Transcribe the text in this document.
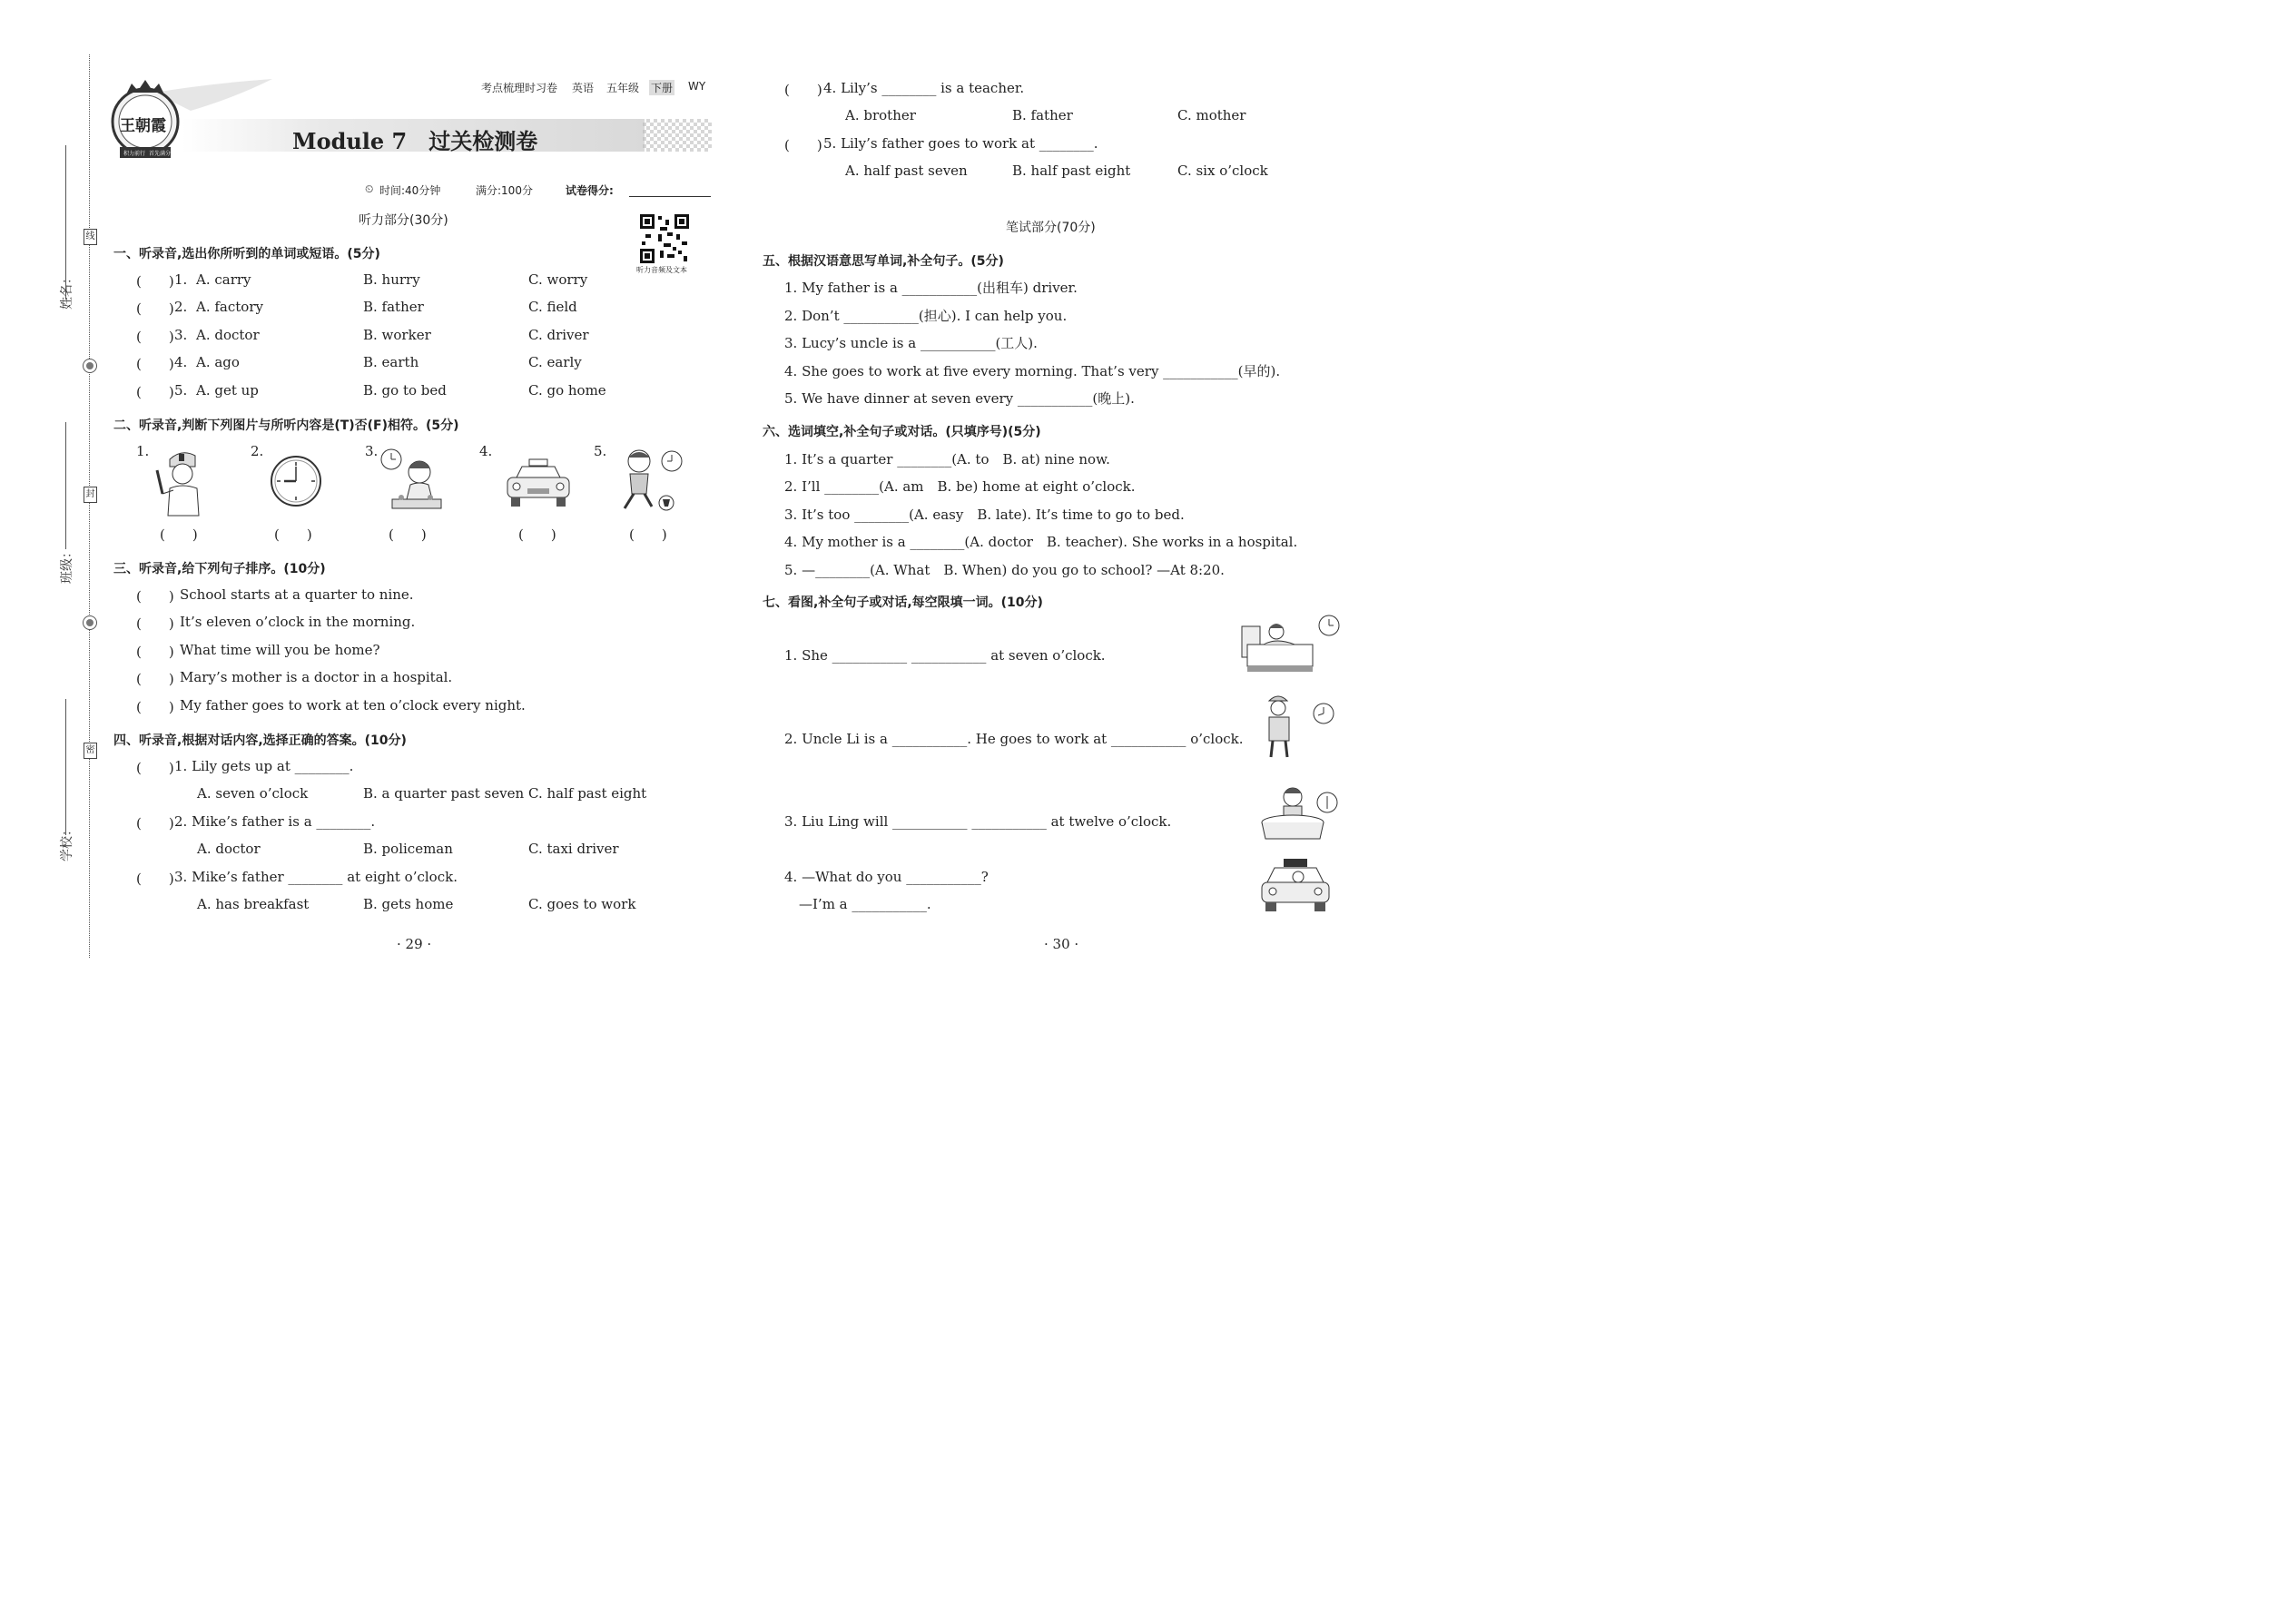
姓名：
班级：
学校：
线
封
密
王朝霞
积力前行 首先满分
考点梳理时习卷 英语 五年级 下册 WY
Module 7　过关检测卷
⏲ 时间:40分钟	满分:100分	试卷得分:
听力音频及文本
听力部分(30分)
一、听录音,选出你所听到的单词或短语。(5分)
(　　) 1. A. carry	B. hurry	C. worry
(　　) 2. A. factory	B. father	C. field
(　　) 3. A. doctor	B. worker	C. driver
(　　) 4. A. ago	B. earth	C. early
(　　) 5. A. get up	B. go to bed	C. go home
二、听录音,判断下列图片与所听内容是(T)否(F)相符。(5分)
1.	2.	3.	4.	5.
(　　)	(　　)	(　　)	(　　)	(　　)
三、听录音,给下列句子排序。(10分)
(　　) School starts at a quarter to nine.
(　　) It’s eleven o’clock in the morning.
(　　) What time will you be home?
(　　) Mary’s mother is a doctor in a hospital.
(　　) My father goes to work at ten o’clock every night.
四、听录音,根据对话内容,选择正确的答案。(10分)
(　　) 1. Lily gets up at ________.
A. seven o’clock	B. a quarter past seven C. half past eight
(　　) 2. Mike’s father is a ________.
A. doctor	B. policeman	C. taxi driver
(　　) 3. Mike’s father ________ at eight o’clock.
A. has breakfast	B. gets home	C. goes to work
· 29 ·
(　　) 4. Lily’s ________ is a teacher.
A. brother	B. father	C. mother
(　　) 5. Lily’s father goes to work at ________.
A. half past seven	B. half past eight	C. six o’clock
笔试部分(70分)
五、根据汉语意思写单词,补全句子。(5分)
1. My father is a ___________(出租车) driver.
2. Don’t ___________(担心). I can help you.
3. Lucy’s uncle is a ___________(工人).
4. She goes to work at five every morning. That’s very ___________(早的).
5. We have dinner at seven every ___________(晚上).
六、选词填空,补全句子或对话。(只填序号)(5分)
1. It’s a quarter ________(A. to　B. at) nine now.
2. I’ll ________(A. am　B. be) home at eight o’clock.
3. It’s too ________(A. easy　B. late). It’s time to go to bed.
4. My mother is a ________(A. doctor　B. teacher). She works in a hospital.
5. —________(A. What　B. When) do you go to school? —At 8:20.
七、看图,补全句子或对话,每空限填一词。(10分)
1. She ___________ ___________ at seven o’clock.
2. Uncle Li is a ___________. He goes to work at ___________ o’clock.
3. Liu Ling will ___________ ___________ at twelve o’clock.
4. —What do you ___________?
—I’m a ___________.
· 30 ·
